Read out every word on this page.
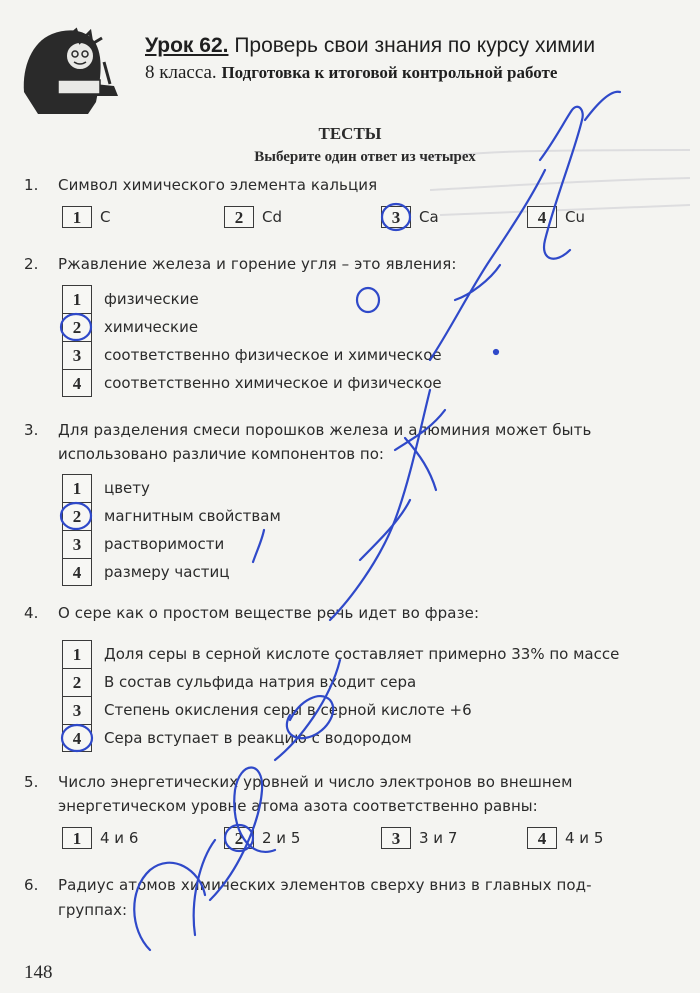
Урок 62. Проверь свои знания по курсу химии
8 класса. Подготовка к итоговой контрольной работе
ТЕСТЫ
Выберите один ответ из четырех
1. Символ химического элемента кальция
1	C	2	Cd	3	Ca	4	Cu
2. Ржавление железа и горение угля – это явления:
1	физические
2	химические
3	соответственно физическое и химическое
4	соответственно химическое и физическое
3. Для разделения смеси порошков железа и алюминия может быть
использовано различие компонентов по:
1	цвету
2	магнитным свойствам
3	растворимости
4	размеру частиц
4. О сере как о простом веществе речь идет во фразе:
1	Доля серы в серной кислоте составляет примерно 33% по массе
2	В состав сульфида натрия входит сера
3	Степень окисления серы в серной кислоте +6
4	Сера вступает в реакцию с водородом
5. Число энергетических уровней и число электронов во внешнем
энергетическом уровне атома азота соответственно равны:
1	4 и 6	2	2 и 5	3	3 и 7	4	4 и 5
6. Радиус атомов химических элементов сверху вниз в главных под-
группах:
148
